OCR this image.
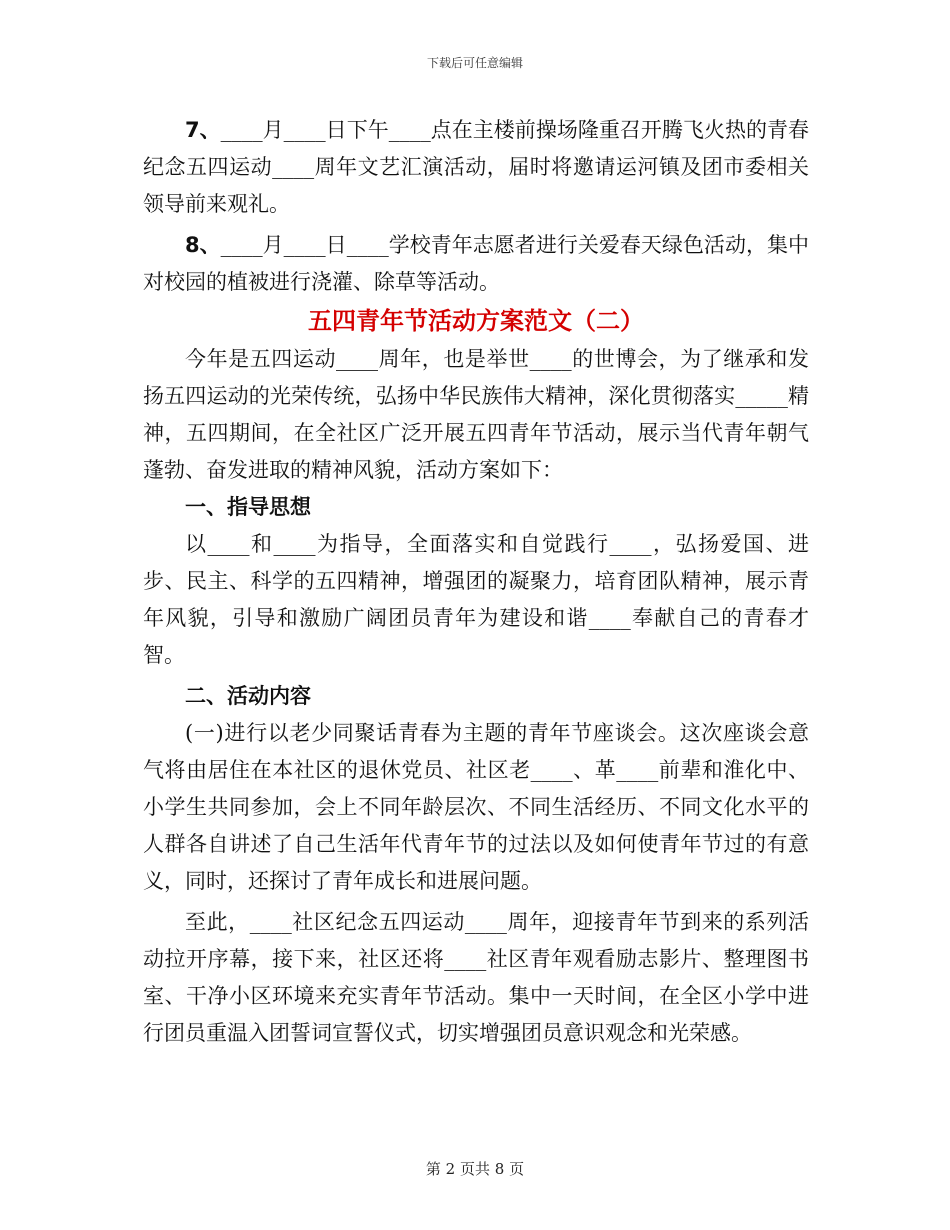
下载后可任意编辑

7、____月____日下午____点在主楼前操场隆重召开腾飞火热的青春纪念五四运动____周年文艺汇演活动，届时将邀请运河镇及团市委相关领导前来观礼。

8、____月____日____学校青年志愿者进行关爱春天绿色活动，集中对校园的植被进行浇灌、除草等活动。

五四青年节活动方案范文（二）

今年是五四运动____周年，也是举世____的世博会，为了继承和发扬五四运动的光荣传统，弘扬中华民族伟大精神，深化贯彻落实_____精神，五四期间，在全社区广泛开展五四青年节活动，展示当代青年朝气蓬勃、奋发进取的精神风貌，活动方案如下：

一、指导思想

以____和____为指导，全面落实和自觉践行____，弘扬爱国、进步、民主、科学的五四精神，增强团的凝聚力，培育团队精神，展示青年风貌，引导和激励广阔团员青年为建设和谐____奉献自己的青春才智。

二、活动内容

(一)进行以老少同聚话青春为主题的青年节座谈会。这次座谈会意气将由居住在本社区的退休党员、社区老____、革____前辈和淮化中、小学生共同参加，会上不同年龄层次、不同生活经历、不同文化水平的人群各自讲述了自己生活年代青年节的过法以及如何使青年节过的有意义，同时，还探讨了青年成长和进展问题。

至此，____社区纪念五四运动____周年，迎接青年节到来的系列活动拉开序幕，接下来，社区还将____社区青年观看励志影片、整理图书室、干净小区环境来充实青年节活动。集中一天时间，在全区小学中进行团员重温入团誓词宣誓仪式，切实增强团员意识观念和光荣感。

第 2 页共 8 页
